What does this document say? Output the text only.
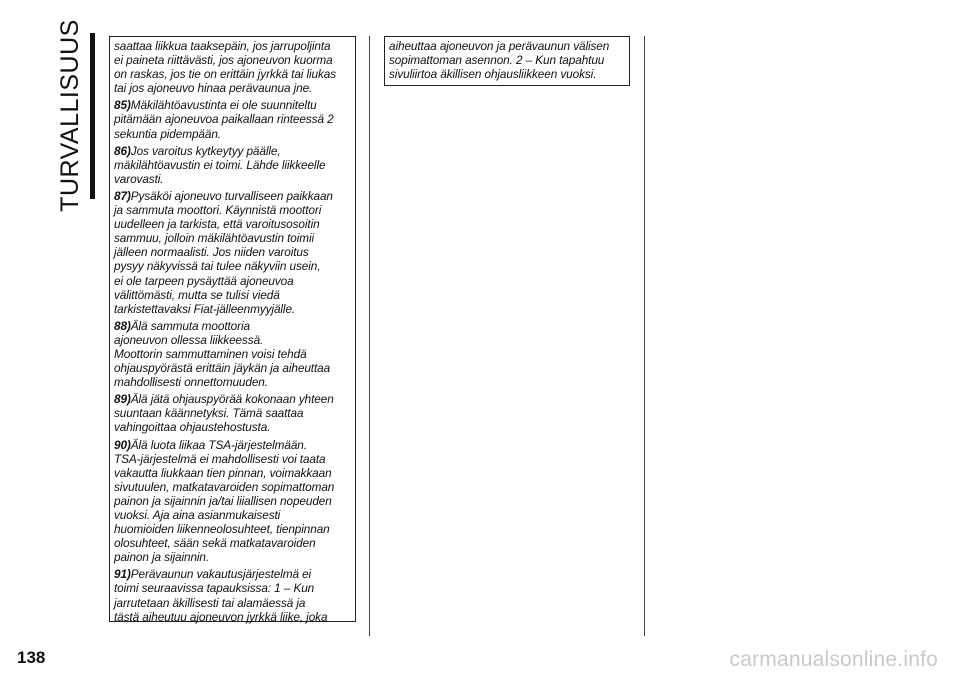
TURVALLISUUS	saattaa liikkua taaksepäin, jos jarrupoljinta
ei paineta riittävästi, jos ajoneuvon kuorma
on raskas, jos tie on erittäin jyrkkä tai liukas
tai jos ajoneuvo hinaa perävaunua jne.

85)Mäkilähtöavustinta ei ole suunniteltu
pitämään ajoneuvoa paikallaan rinteessä 2
sekuntia pidempään.

86)Jos varoitus kytkeytyy päälle,
mäkilähtöavustin ei toimi. Lähde liikkeelle
varovasti.

87)Pysäköi ajoneuvo turvalliseen paikkaan
ja sammuta moottori. Käynnistä moottori
uudelleen ja tarkista, että varoitusosoitin
sammuu, jolloin mäkilähtöavustin toimii
jälleen normaalisti. Jos niiden varoitus
pysyy näkyvissä tai tulee näkyviin usein,
ei ole tarpeen pysäyttää ajoneuvoa
välittömästi, mutta se tulisi viedä
tarkistettavaksi Fiat-jälleenmyyjälle.

88)Älä sammuta moottoria
ajoneuvon ollessa liikkeessä.
Moottorin sammuttaminen voisi tehdä
ohjauspyörästä erittäin jäykän ja aiheuttaa
mahdollisesti onnettomuuden.

89)Älä jätä ohjauspyörää kokonaan yhteen
suuntaan käännetyksi. Tämä saattaa
vahingoittaa ohjaustehostusta.

90)Älä luota liikaa TSA-järjestelmään.
TSA-järjestelmä ei mahdollisesti voi taata
vakautta liukkaan tien pinnan, voimakkaan
sivutuulen, matkatavaroiden sopimattoman
painon ja sijainnin ja/tai liiallisen nopeuden
vuoksi. Aja aina asianmukaisesti
huomioiden liikenneolosuhteet, tienpinnan
olosuhteet, sään sekä matkatavaroiden
painon ja sijainnin.

91)Perävaunun vakautusjärjestelmä ei
toimi seuraavissa tapauksissa: 1 – Kun
jarrutetaan äkillisesti tai alamäessä ja
tästä aiheutuu ajoneuvon jyrkkä liike, joka

aiheuttaa ajoneuvon ja perävaunun välisen
sopimattoman asennon. 2 – Kun tapahtuu
sivuliirtoa äkillisen ohjausliikkeen vuoksi.

138	carmanualsonline.info
